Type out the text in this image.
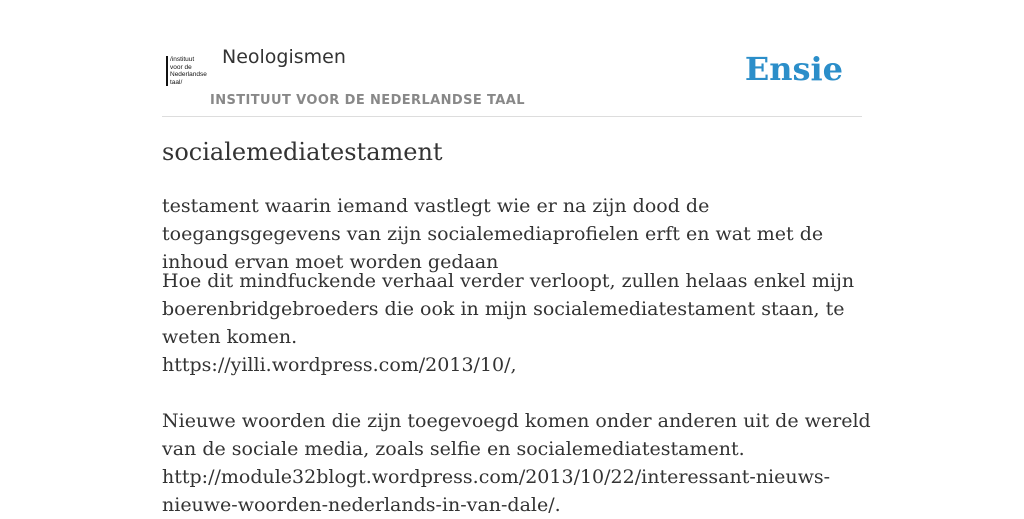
/instituut
voor de
Nederlandse
taal/
Neologismen
INSTITUUT VOOR DE NEDERLANDSE TAAL
Ensie
socialemediatestament

testament waarin iemand vastlegt wie er na zijn dood de toegangsgegevens van zijn socialemediaprofielen erft en wat met de inhoud ervan moet worden gedaan

Hoe dit mindfuckende verhaal verder verloopt, zullen helaas enkel mijn boerenbridgebroeders die ook in mijn socialemediatestament staan, te weten komen.

https://yilli.wordpress.com/2013/10/,

Nieuwe woorden die zijn toegevoegd komen onder anderen uit de wereld van de sociale media, zoals selfie en socialemediatestament.

http://module32blogt.wordpress.com/2013/10/22/interessant-nieuws-nieuwe-woorden-nederlands-in-van-dale/.
